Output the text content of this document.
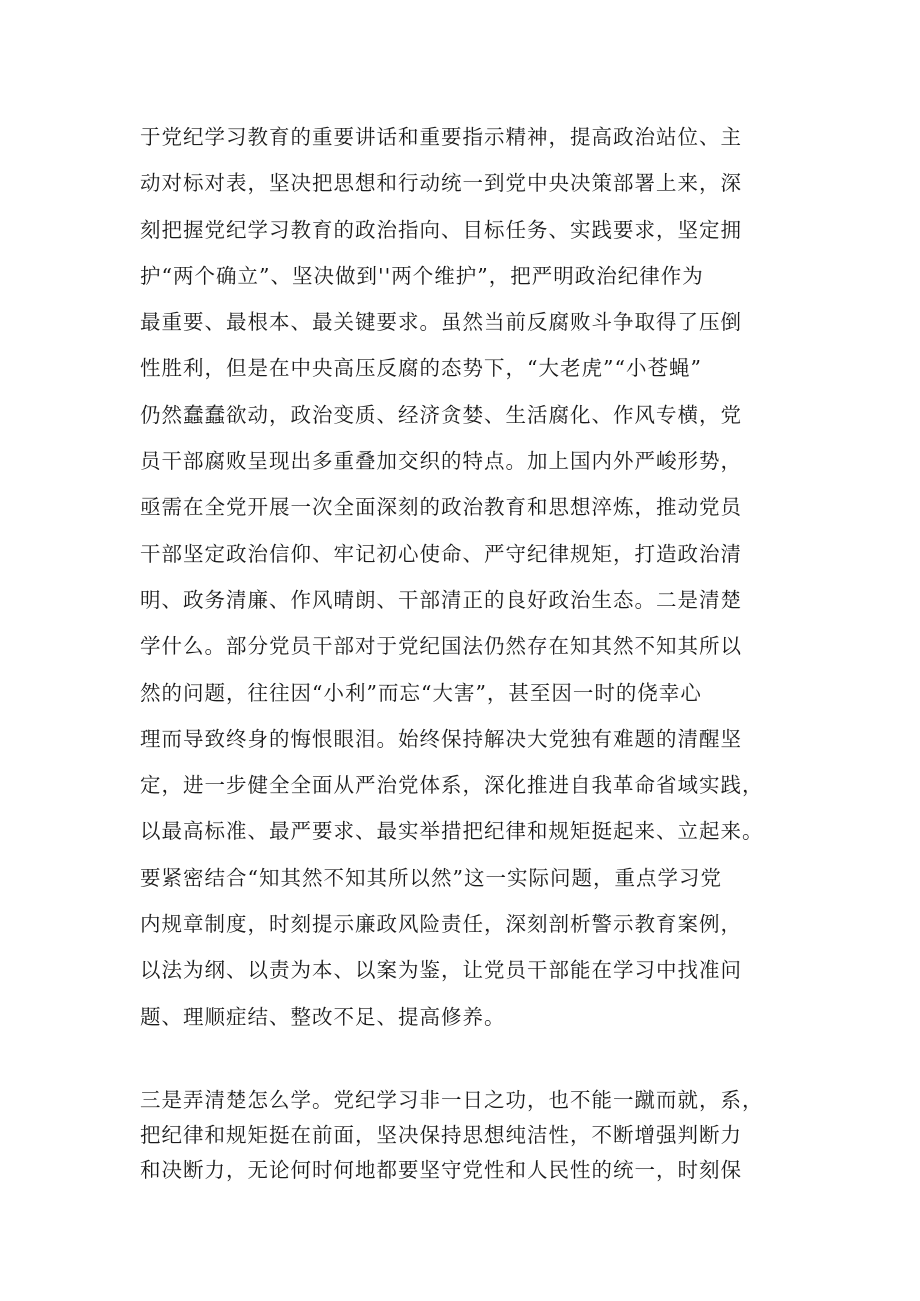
于党纪学习教育的重要讲话和重要指示精神，提高政治站位、主
动对标对表，坚决把思想和行动统一到党中央决策部署上来，深
刻把握党纪学习教育的政治指向、目标任务、实践要求，坚定拥
护“两个确立”、坚决做到''两个维护”，把严明政治纪律作为
最重要、最根本、最关键要求。虽然当前反腐败斗争取得了压倒
性胜利，但是在中央高压反腐的态势下，“大老虎”“小苍蝇”
仍然蠢蠢欲动，政治变质、经济贪婪、生活腐化、作风专横，党
员干部腐败呈现出多重叠加交织的特点。加上国内外严峻形势，
亟需在全党开展一次全面深刻的政治教育和思想淬炼，推动党员
干部坚定政治信仰、牢记初心使命、严守纪律规矩，打造政治清
明、政务清廉、作风晴朗、干部清正的良好政治生态。二是清楚
学什么。部分党员干部对于党纪国法仍然存在知其然不知其所以
然的问题，往往因“小利”而忘“大害”，甚至因一时的侥幸心
理而导致终身的悔恨眼泪。始终保持解决大党独有难题的清醒坚
定，进一步健全全面从严治党体系，深化推进自我革命省域实践，
以最高标准、最严要求、最实举措把纪律和规矩挺起来、立起来。
要紧密结合“知其然不知其所以然”这一实际问题，重点学习党
内规章制度，时刻提示廉政风险责任，深刻剖析警示教育案例，
以法为纲、以责为本、以案为鉴，让党员干部能在学习中找准问
题、理顺症结、整改不足、提高修养。

三是弄清楚怎么学。党纪学习非一日之功，也不能一蹴而就，系，
把纪律和规矩挺在前面，坚决保持思想纯洁性，不断增强判断力
和决断力，无论何时何地都要坚守党性和人民性的统一，时刻保
